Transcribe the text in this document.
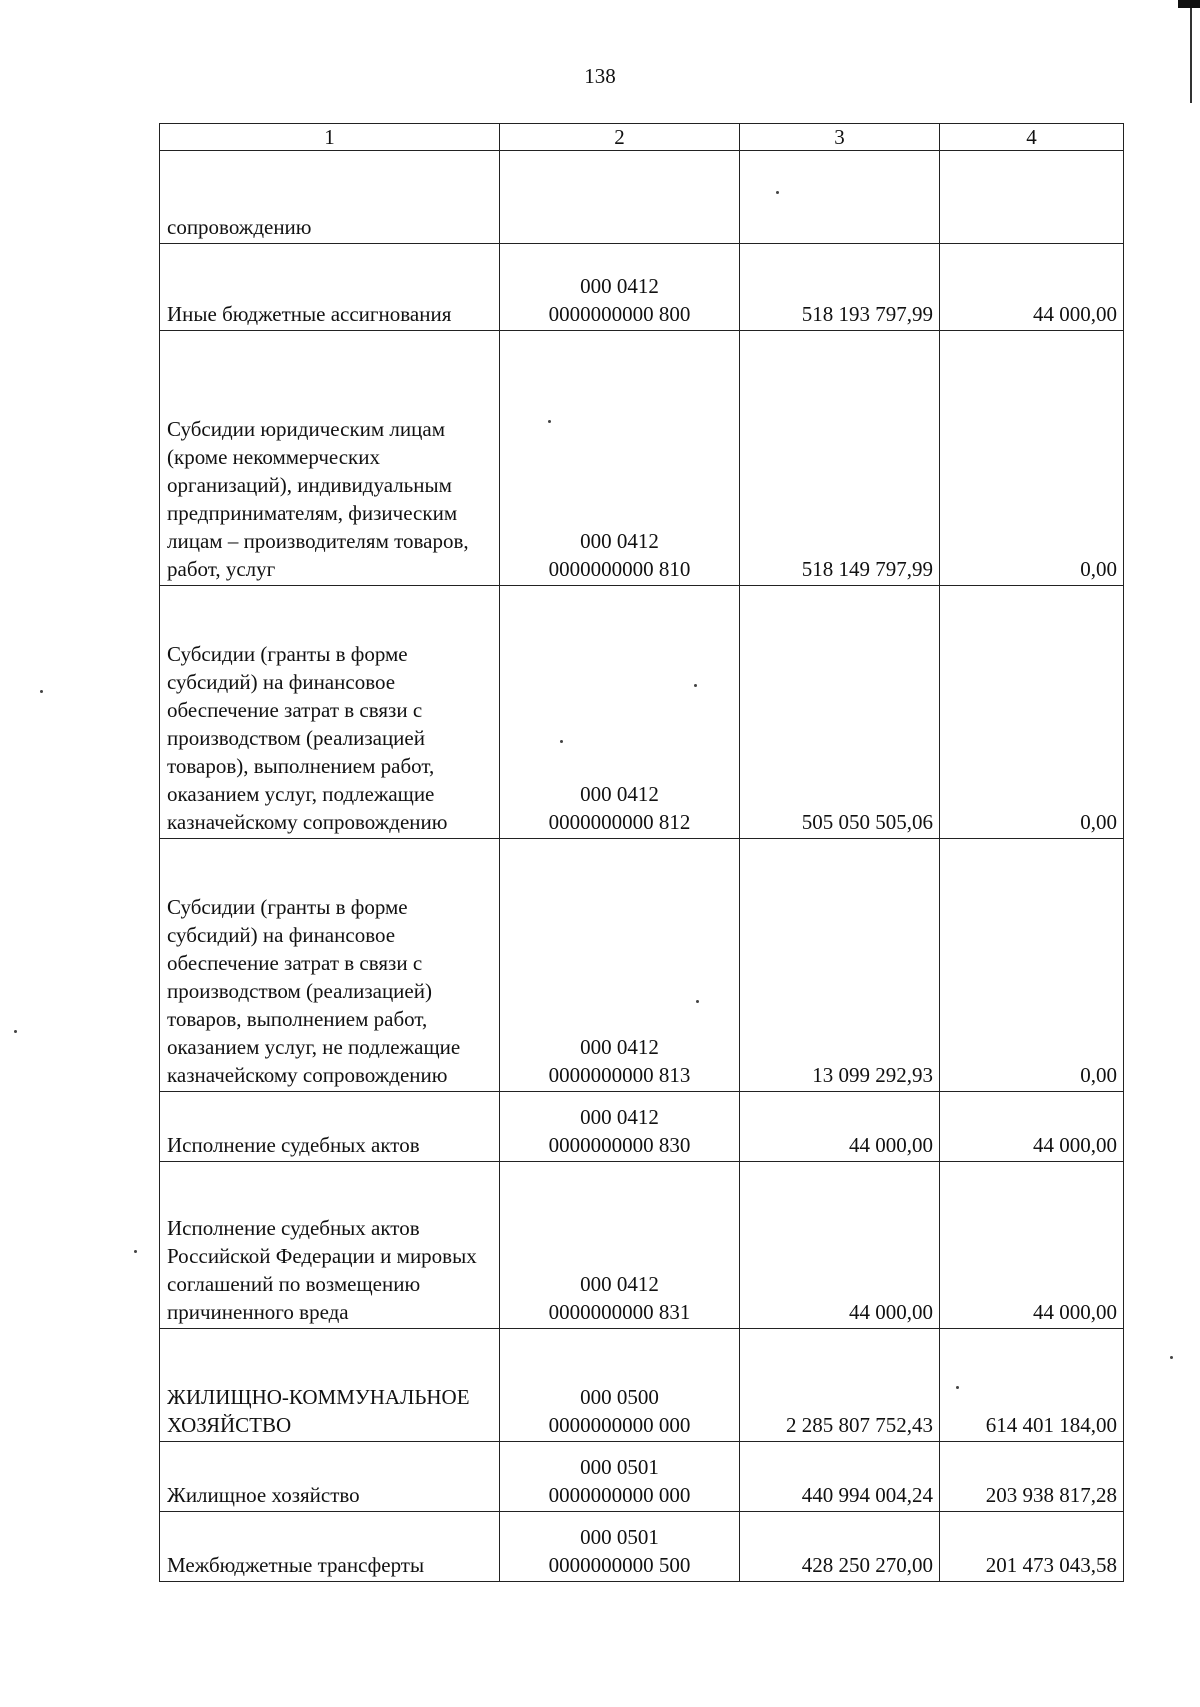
138
1	2	3	4
сопровождению	

Иные бюджетные ассигнования	000 0412
0000000000 800	518 193 797,99	44 000,00
Субсидии юридическим лицам (кроме некоммерческих организаций), индивидуальным предпринимателям, физическим лицам – производителям товаров, работ, услуг	000 0412
0000000000 810	518 149 797,99	0,00
Субсидии (гранты в форме субсидий) на финансовое обеспечение затрат в связи с производством (реализацией товаров), выполнением работ, оказанием услуг, подлежащие казначейскому сопровождению	000 0412
0000000000 812	505 050 505,06	0,00
Субсидии (гранты в форме субсидий) на финансовое обеспечение затрат в связи с производством (реализацией) товаров, выполнением работ, оказанием услуг, не подлежащие казначейскому сопровождению	000 0412
0000000000 813	13 099 292,93	0,00
Исполнение судебных актов	000 0412
0000000000 830	44 000,00	44 000,00
Исполнение судебных актов Российской Федерации и мировых соглашений по возмещению причиненного вреда	000 0412
0000000000 831	44 000,00	44 000,00
ЖИЛИЩНО-КОММУНАЛЬНОЕ ХОЗЯЙСТВО	000 0500
0000000000 000	2 285 807 752,43	614 401 184,00
Жилищное хозяйство	000 0501
0000000000 000	440 994 004,24	203 938 817,28
Межбюджетные трансферты	000 0501
0000000000 500	428 250 270,00	201 473 043,58
